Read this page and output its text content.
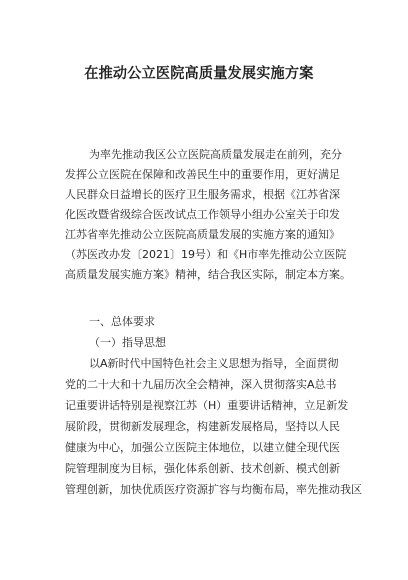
在推动公立医院高质量发展实施方案
为率先推动我区公立医院高质量发展走在前列，充分
发挥公立医院在保障和改善民生中的重要作用，更好满足
人民群众日益增长的医疗卫生服务需求，根据《江苏省深
化医改暨省级综合医改试点工作领导小组办公室关于印发
江苏省率先推动公立医院高质量发展的实施方案的通知》
（苏医改办发〔2021〕19号）和《H市率先推动公立医院
高质量发展实施方案》精神，结合我区实际，制定本方案。
一、总体要求
（一）指导思想
以A新时代中国特色社会主义思想为指导，全面贯彻
党的二十大和十九届历次全会精神，深入贯彻落实A总书
记重要讲话特别是视察江苏（H）重要讲话精神，立足新发
展阶段，贯彻新发展理念，构建新发展格局，坚持以人民
健康为中心，加强公立医院主体地位，以建立健全现代医
院管理制度为目标，强化体系创新、技术创新、模式创新
管理创新，加快优质医疗资源扩容与均衡布局，率先推动我区
